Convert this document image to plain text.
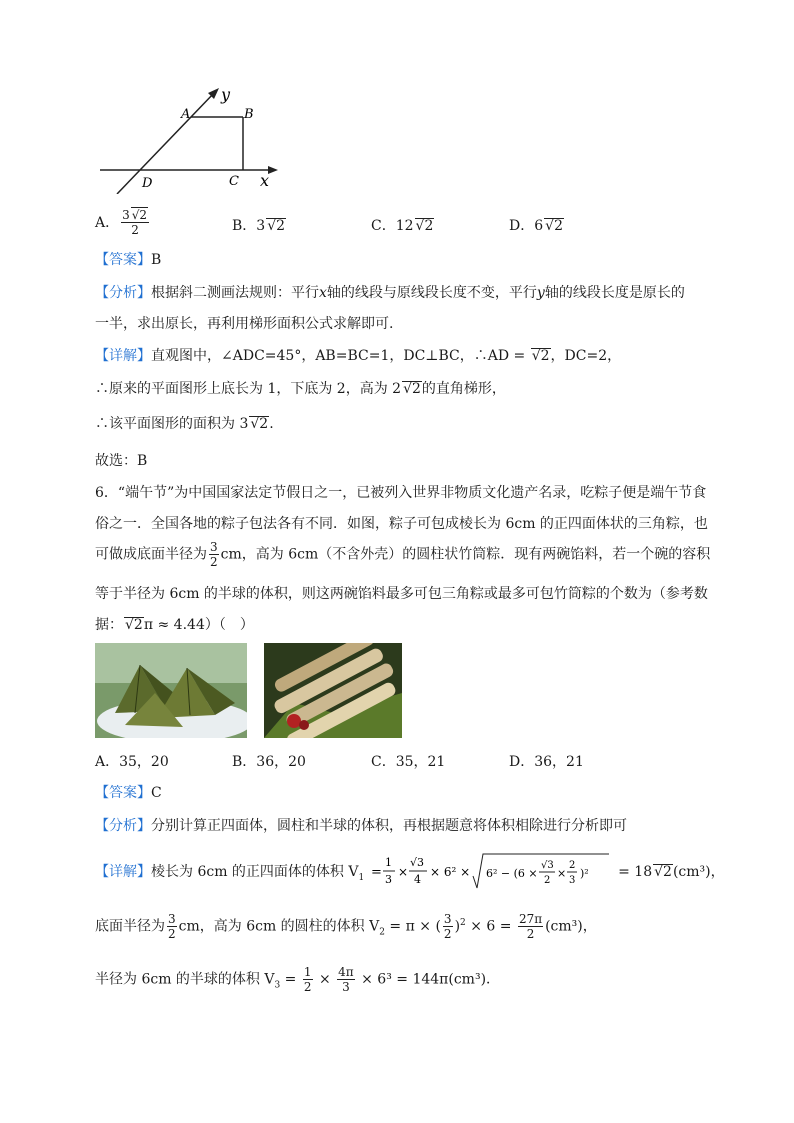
y
x
A	B
C
D
A． $\frac{3 √2}{2}$	B．3 √2	C．12 √2	D．6 √2
【答案】B
【分析】根据斜二测画法规则：平行x轴的线段与原线段长度不变，平行y轴的线段长度是原长的
一半，求出原长，再利用梯形面积公式求解即可.
【详解】直观图中，∠ADC=45°，AB=BC=1，DC⊥BC，∴AD = √2，DC=2，
∴原来的平面图形上底长为 1，下底为 2，高为 2 √2的直角梯形，
∴该平面图形的面积为 3 √2.
故选：B
6．“端午节”为中国国家法定节假日之一，已被列入世界非物质文化遗产名录，吃粽子便是端午节食
俗之一．全国各地的粽子包法各有不同．如图，粽子可包成棱长为 6cm 的正四面体状的三角粽，也
可做成底面半径为 $\frac{3}{2}$ cm，高为 6cm（不含外壳）的圆柱状竹筒粽．现有两碗馅料，若一个碗的容积
等于半径为 6cm 的半球的体积，则这两碗馅料最多可包三角粽或最多可包竹筒粽的个数为（参考数
据： √2π ≈ 4.44）（　）
A．35，20	B．36，20	C．35，21	D．36，21
【答案】C
【分析】分别计算正四面体，圆柱和半球的体积，再根据题意将体积相除进行分析即可
【详解】棱长为 6cm 的正四面体的体积 $V_1$ =
1
3
×
√3
4
× 6² × 6² − (6 ×
√3
2
×
2
3
)² = 18 √2(cm³)，
底面半径为 $\frac{3}{2}$ cm，高为 6cm 的圆柱的体积 $V_2 = \pi$ × ( $\frac{3}{2} )^2 \times 6 = \frac{27\pi}{2} (cm^3)$，
半径为 6cm 的半球的体积 $V_3 = \frac{1}{2} \times \frac{4\pi}{3} \times 6^3 = 144\pi(cm^3)$．
